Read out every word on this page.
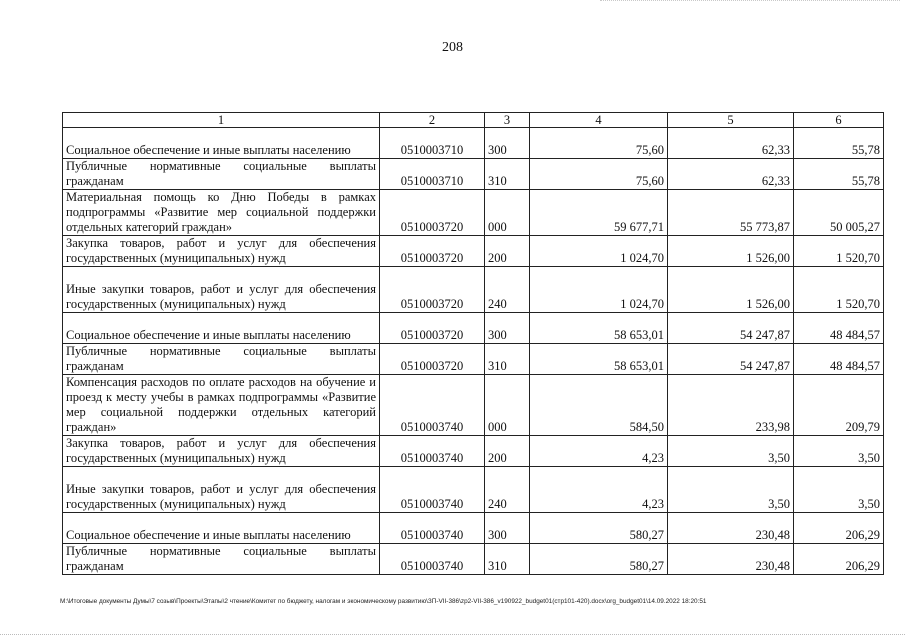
208
1	2	3	4	5	6
Социальное обеспечение и иные выплаты населению	0510003710	300	75,60	62,33	55,78
Публичные нормативные социальные выплаты гражданам	0510003710	310	75,60	62,33	55,78
Материальная помощь ко Дню Победы в рамках подпрограммы «Развитие мер социальной поддержки отдельных категорий граждан»	0510003720	000	59 677,71	55 773,87	50 005,27
Закупка товаров, работ и услуг для обеспечения государственных (муниципальных) нужд	0510003720	200	1 024,70	1 526,00	1 520,70
Иные закупки товаров, работ и услуг для обеспечения государственных (муниципальных) нужд	0510003720	240	1 024,70	1 526,00	1 520,70
Социальное обеспечение и иные выплаты населению	0510003720	300	58 653,01	54 247,87	48 484,57
Публичные нормативные социальные выплаты гражданам	0510003720	310	58 653,01	54 247,87	48 484,57
Компенсация расходов по оплате расходов на обучение и проезд к месту учебы в рамках подпрограммы «Развитие мер социальной поддержки отдельных категорий граждан»	0510003740	000	584,50	233,98	209,79
Закупка товаров, работ и услуг для обеспечения государственных (муниципальных) нужд	0510003740	200	4,23	3,50	3,50
Иные закупки товаров, работ и услуг для обеспечения государственных (муниципальных) нужд	0510003740	240	4,23	3,50	3,50
Социальное обеспечение и иные выплаты населению	0510003740	300	580,27	230,48	206,29
Публичные нормативные социальные выплаты гражданам	0510003740	310	580,27	230,48	206,29
M:\Итоговые документы Думы\7 созыв\Проекты\Этапы\2 чтение\Комитет по бюджету, налогам и экономическому развитию\ЗП-VII-386\zp2-VII-386_v190922_budget01(стр101-420).docx\org_budget01\14.09.2022 18:20:51
